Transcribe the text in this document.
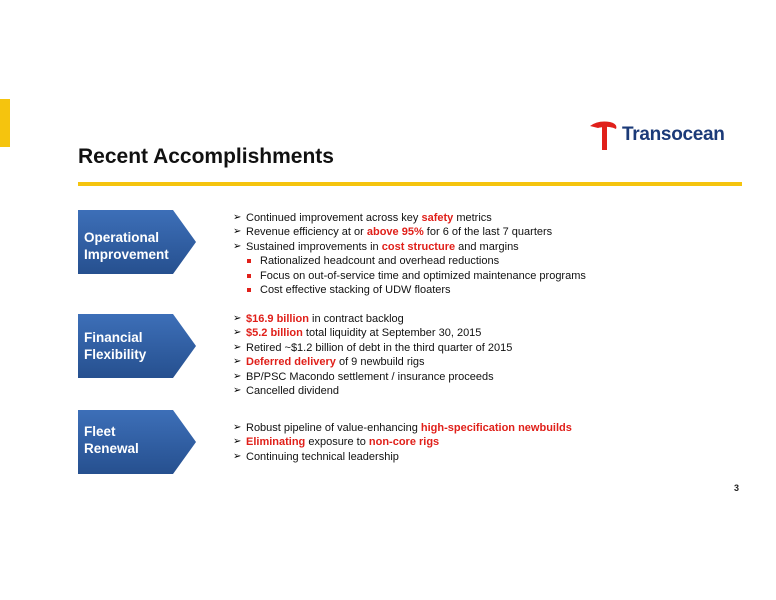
Transocean
Recent Accomplishments
Operational
Improvement
➢ Continued improvement across key safety metrics
➢ Revenue efficiency at or above 95% for 6 of the last 7 quarters
➢ Sustained improvements in cost structure and margins
Rationalized headcount and overhead reductions
Focus on out-of-service time and optimized maintenance programs
Cost effective stacking of UDW floaters
Financial
Flexibility
➢ $16.9 billion in contract backlog
➢ $5.2 billion total liquidity at September 30, 2015
➢ Retired ~$1.2 billion of debt in the third quarter of 2015
➢ Deferred delivery of 9 newbuild rigs
➢ BP/PSC Macondo settlement / insurance proceeds
➢ Cancelled dividend
Fleet
Renewal
➢ Robust pipeline of value-enhancing high-specification newbuilds
➢ Eliminating exposure to non-core rigs
➢ Continuing technical leadership
3
